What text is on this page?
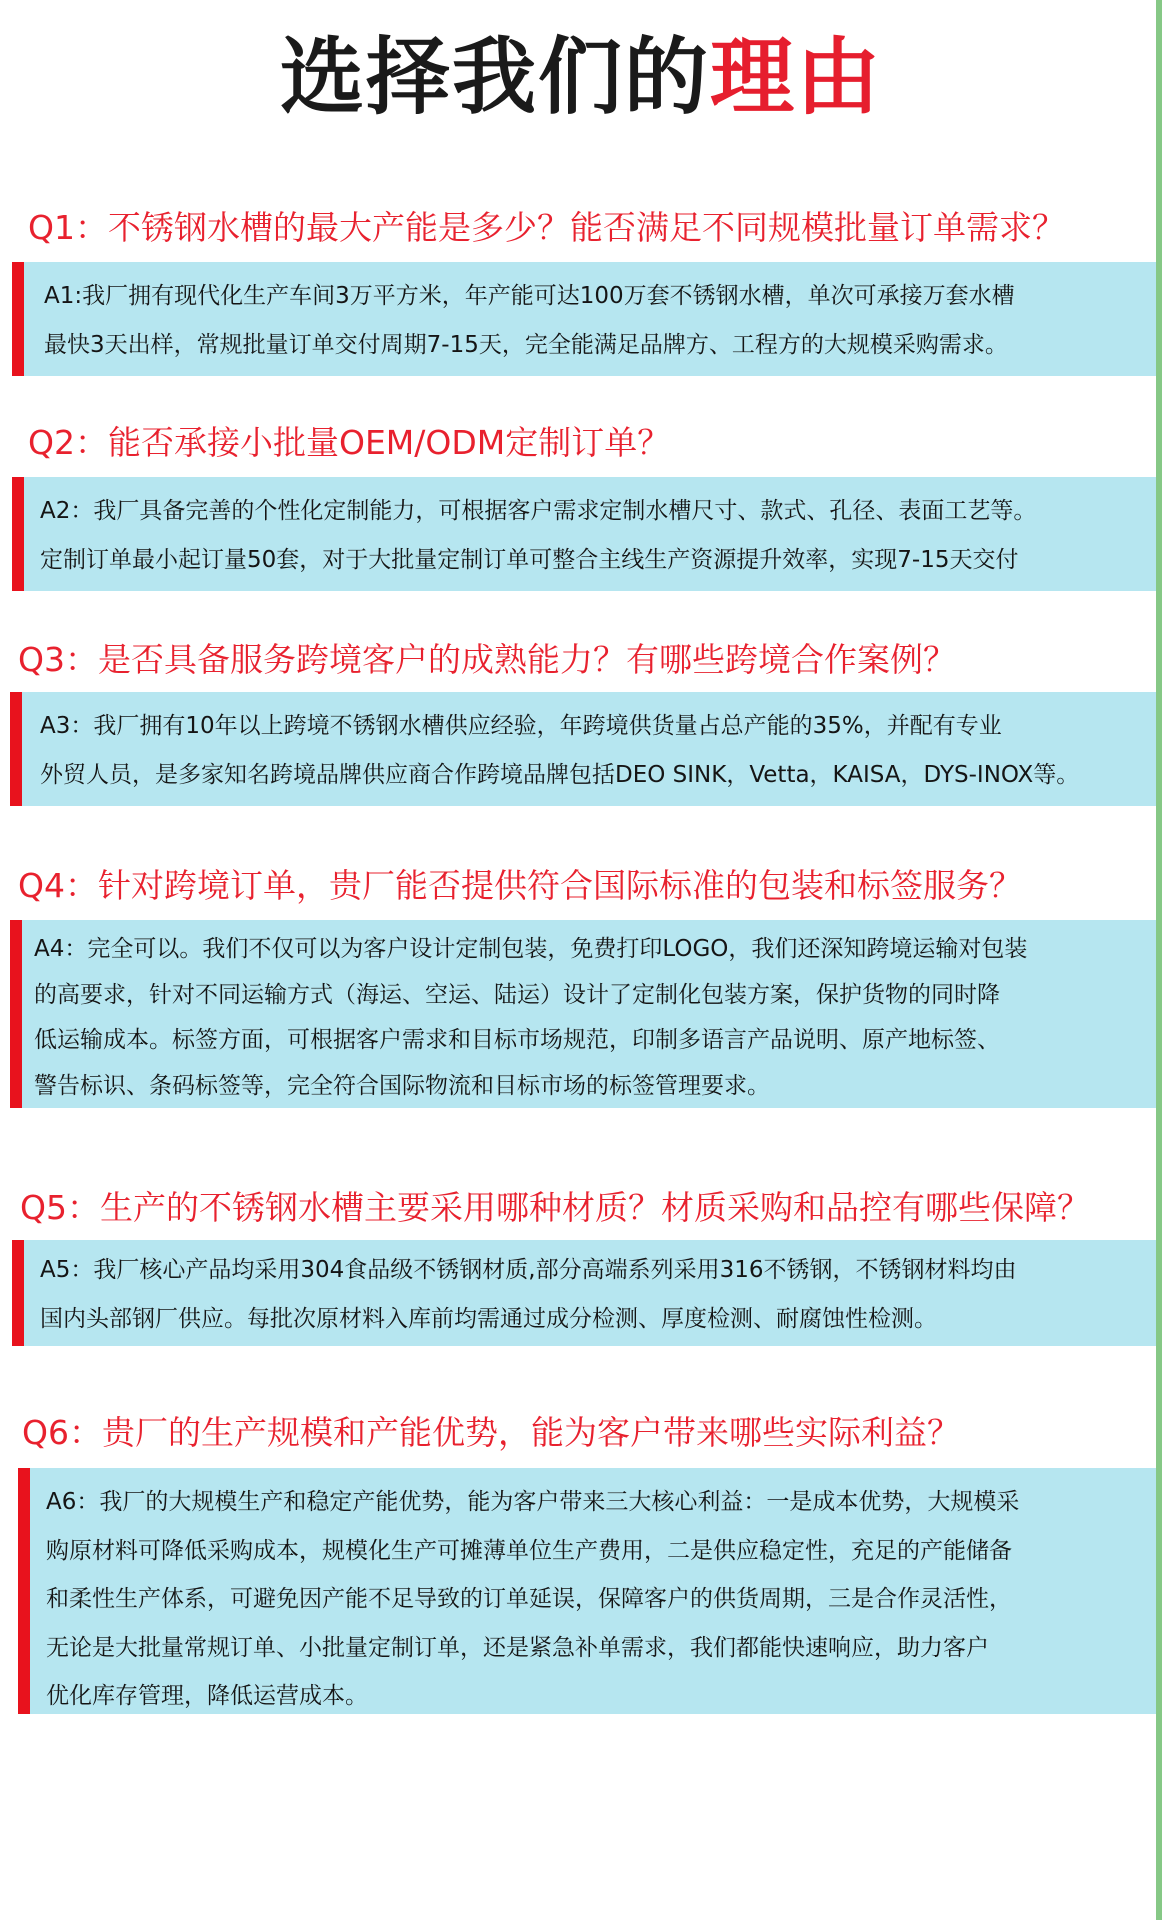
选择我们的理由
Q1：不锈钢水槽的最大产能是多少？能否满足不同规模批量订单需求？
A1:我厂拥有现代化生产车间3万平方米，年产能可达100万套不锈钢水槽，单次可承接万套水槽
最快3天出样，常规批量订单交付周期7-15天，完全能满足品牌方、工程方的大规模采购需求。
Q2：能否承接小批量OEM/ODM定制订单？
A2：我厂具备完善的个性化定制能力，可根据客户需求定制水槽尺寸、款式、孔径、表面工艺等。
定制订单最小起订量50套，对于大批量定制订单可整合主线生产资源提升效率，实现7-15天交付
Q3：是否具备服务跨境客户的成熟能力？有哪些跨境合作案例？
A3：我厂拥有10年以上跨境不锈钢水槽供应经验，年跨境供货量占总产能的35%，并配有专业
外贸人员，是多家知名跨境品牌供应商合作跨境品牌包括DEO SINK，Vetta，KAISA，DYS-INOX等。
Q4：针对跨境订单，贵厂能否提供符合国际标准的包装和标签服务？
A4：完全可以。我们不仅可以为客户设计定制包装，免费打印LOGO，我们还深知跨境运输对包装
的高要求，针对不同运输方式（海运、空运、陆运）设计了定制化包装方案，保护货物的同时降
低运输成本。标签方面，可根据客户需求和目标市场规范，印制多语言产品说明、原产地标签、
警告标识、条码标签等，完全符合国际物流和目标市场的标签管理要求。
Q5：生产的不锈钢水槽主要采用哪种材质？材质采购和品控有哪些保障？
A5：我厂核心产品均采用304食品级不锈钢材质,部分高端系列采用316不锈钢，不锈钢材料均由
国内头部钢厂供应。每批次原材料入库前均需通过成分检测、厚度检测、耐腐蚀性检测。
Q6：贵厂的生产规模和产能优势，能为客户带来哪些实际利益？
A6：我厂的大规模生产和稳定产能优势，能为客户带来三大核心利益：一是成本优势，大规模采
购原材料可降低采购成本，规模化生产可摊薄单位生产费用，二是供应稳定性，充足的产能储备
和柔性生产体系，可避免因产能不足导致的订单延误，保障客户的供货周期，三是合作灵活性，
无论是大批量常规订单、小批量定制订单，还是紧急补单需求，我们都能快速响应，助力客户
优化库存管理，降低运营成本。
